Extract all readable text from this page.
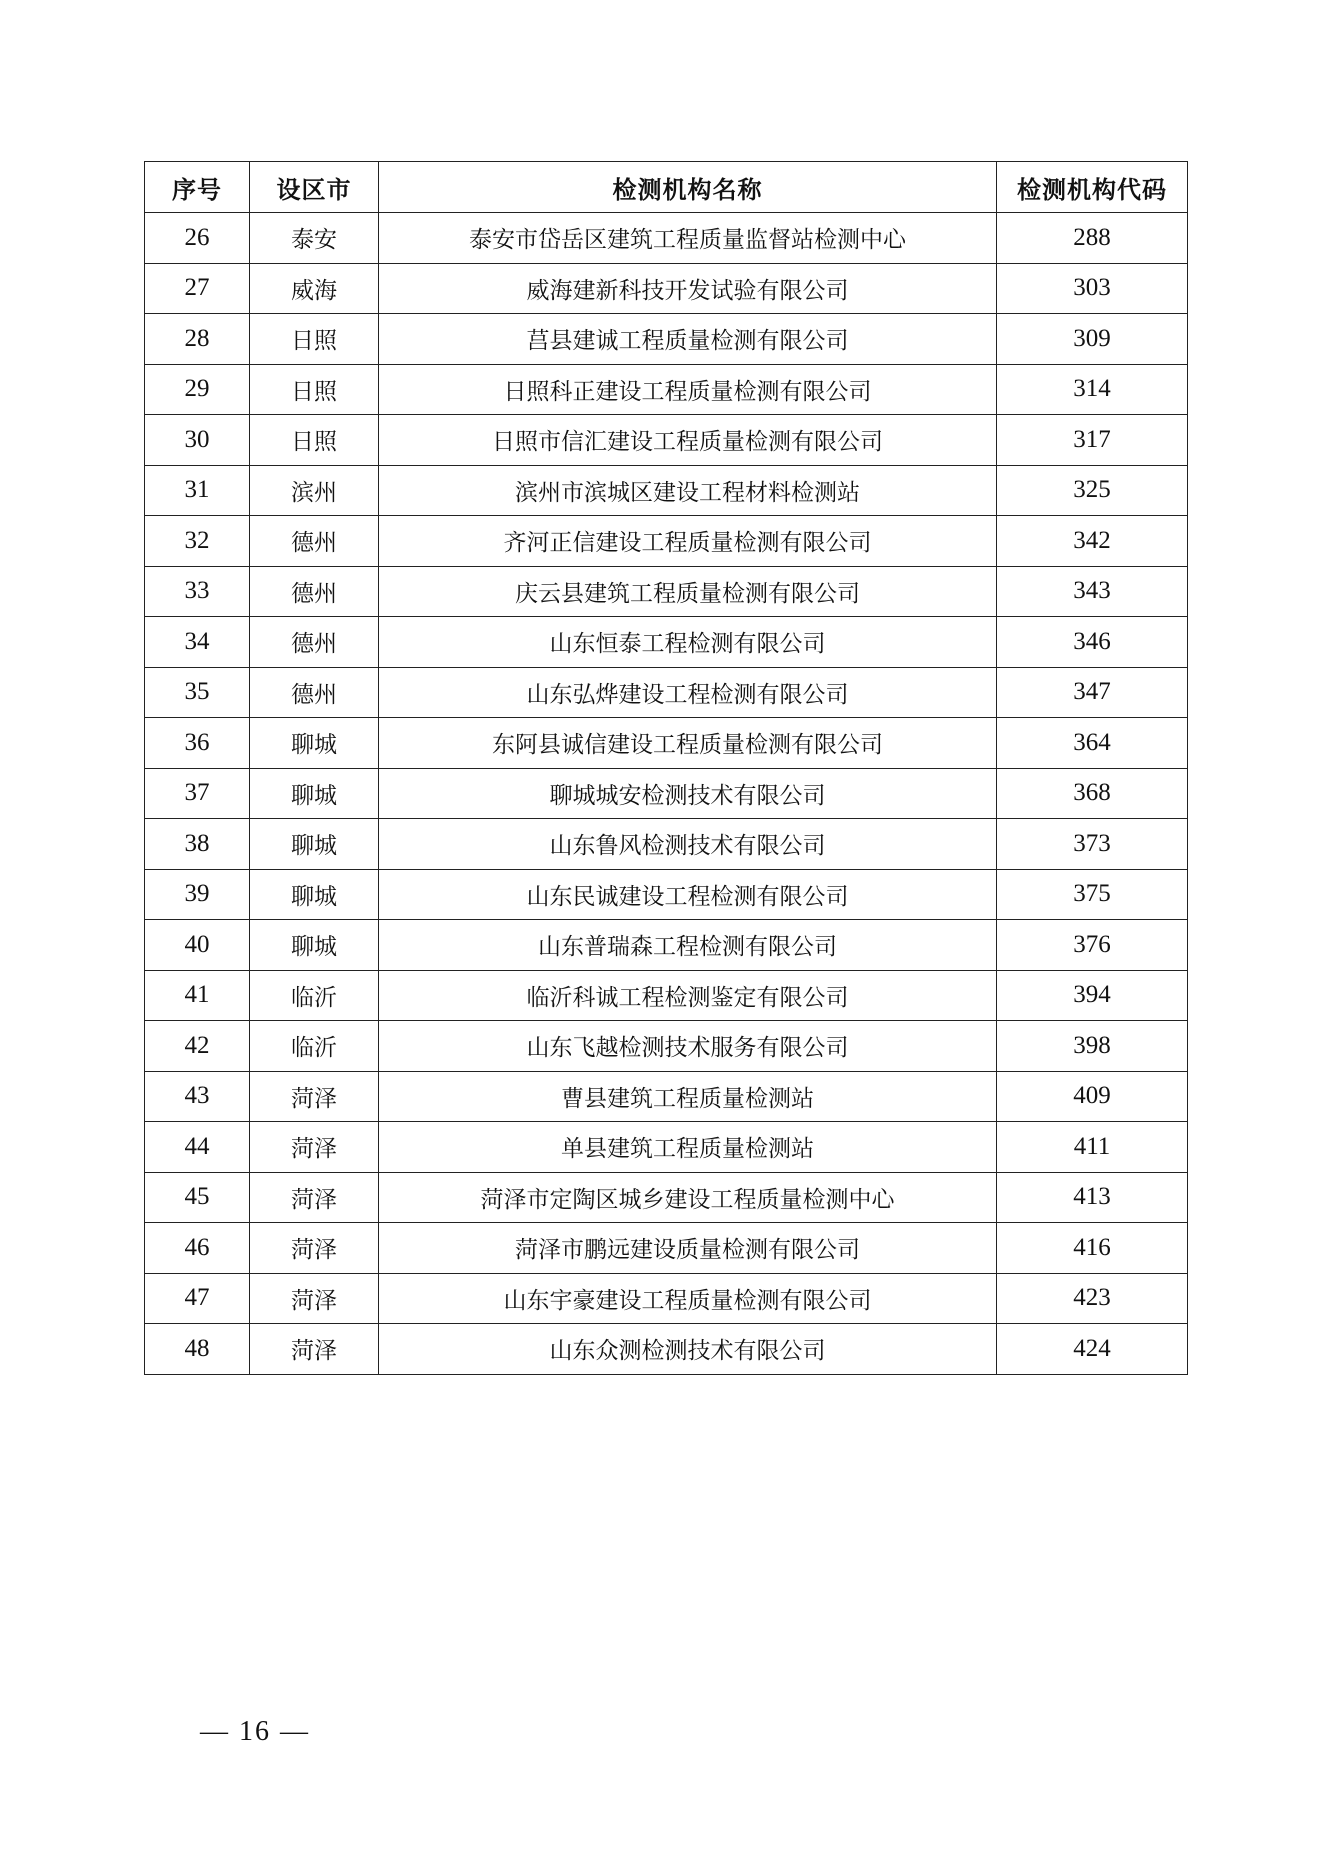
序号	设区市	检测机构名称	检测机构代码
26	泰安	泰安市岱岳区建筑工程质量监督站检测中心	288
27	威海	威海建新科技开发试验有限公司	303
28	日照	莒县建诚工程质量检测有限公司	309
29	日照	日照科正建设工程质量检测有限公司	314
30	日照	日照市信汇建设工程质量检测有限公司	317
31	滨州	滨州市滨城区建设工程材料检测站	325
32	德州	齐河正信建设工程质量检测有限公司	342
33	德州	庆云县建筑工程质量检测有限公司	343
34	德州	山东恒泰工程检测有限公司	346
35	德州	山东弘烨建设工程检测有限公司	347
36	聊城	东阿县诚信建设工程质量检测有限公司	364
37	聊城	聊城城安检测技术有限公司	368
38	聊城	山东鲁风检测技术有限公司	373
39	聊城	山东民诚建设工程检测有限公司	375
40	聊城	山东普瑞森工程检测有限公司	376
41	临沂	临沂科诚工程检测鉴定有限公司	394
42	临沂	山东飞越检测技术服务有限公司	398
43	菏泽	曹县建筑工程质量检测站	409
44	菏泽	单县建筑工程质量检测站	411
45	菏泽	菏泽市定陶区城乡建设工程质量检测中心	413
46	菏泽	菏泽市鹏远建设质量检测有限公司	416
47	菏泽	山东宇豪建设工程质量检测有限公司	423
48	菏泽	山东众测检测技术有限公司	424
— 16 —
